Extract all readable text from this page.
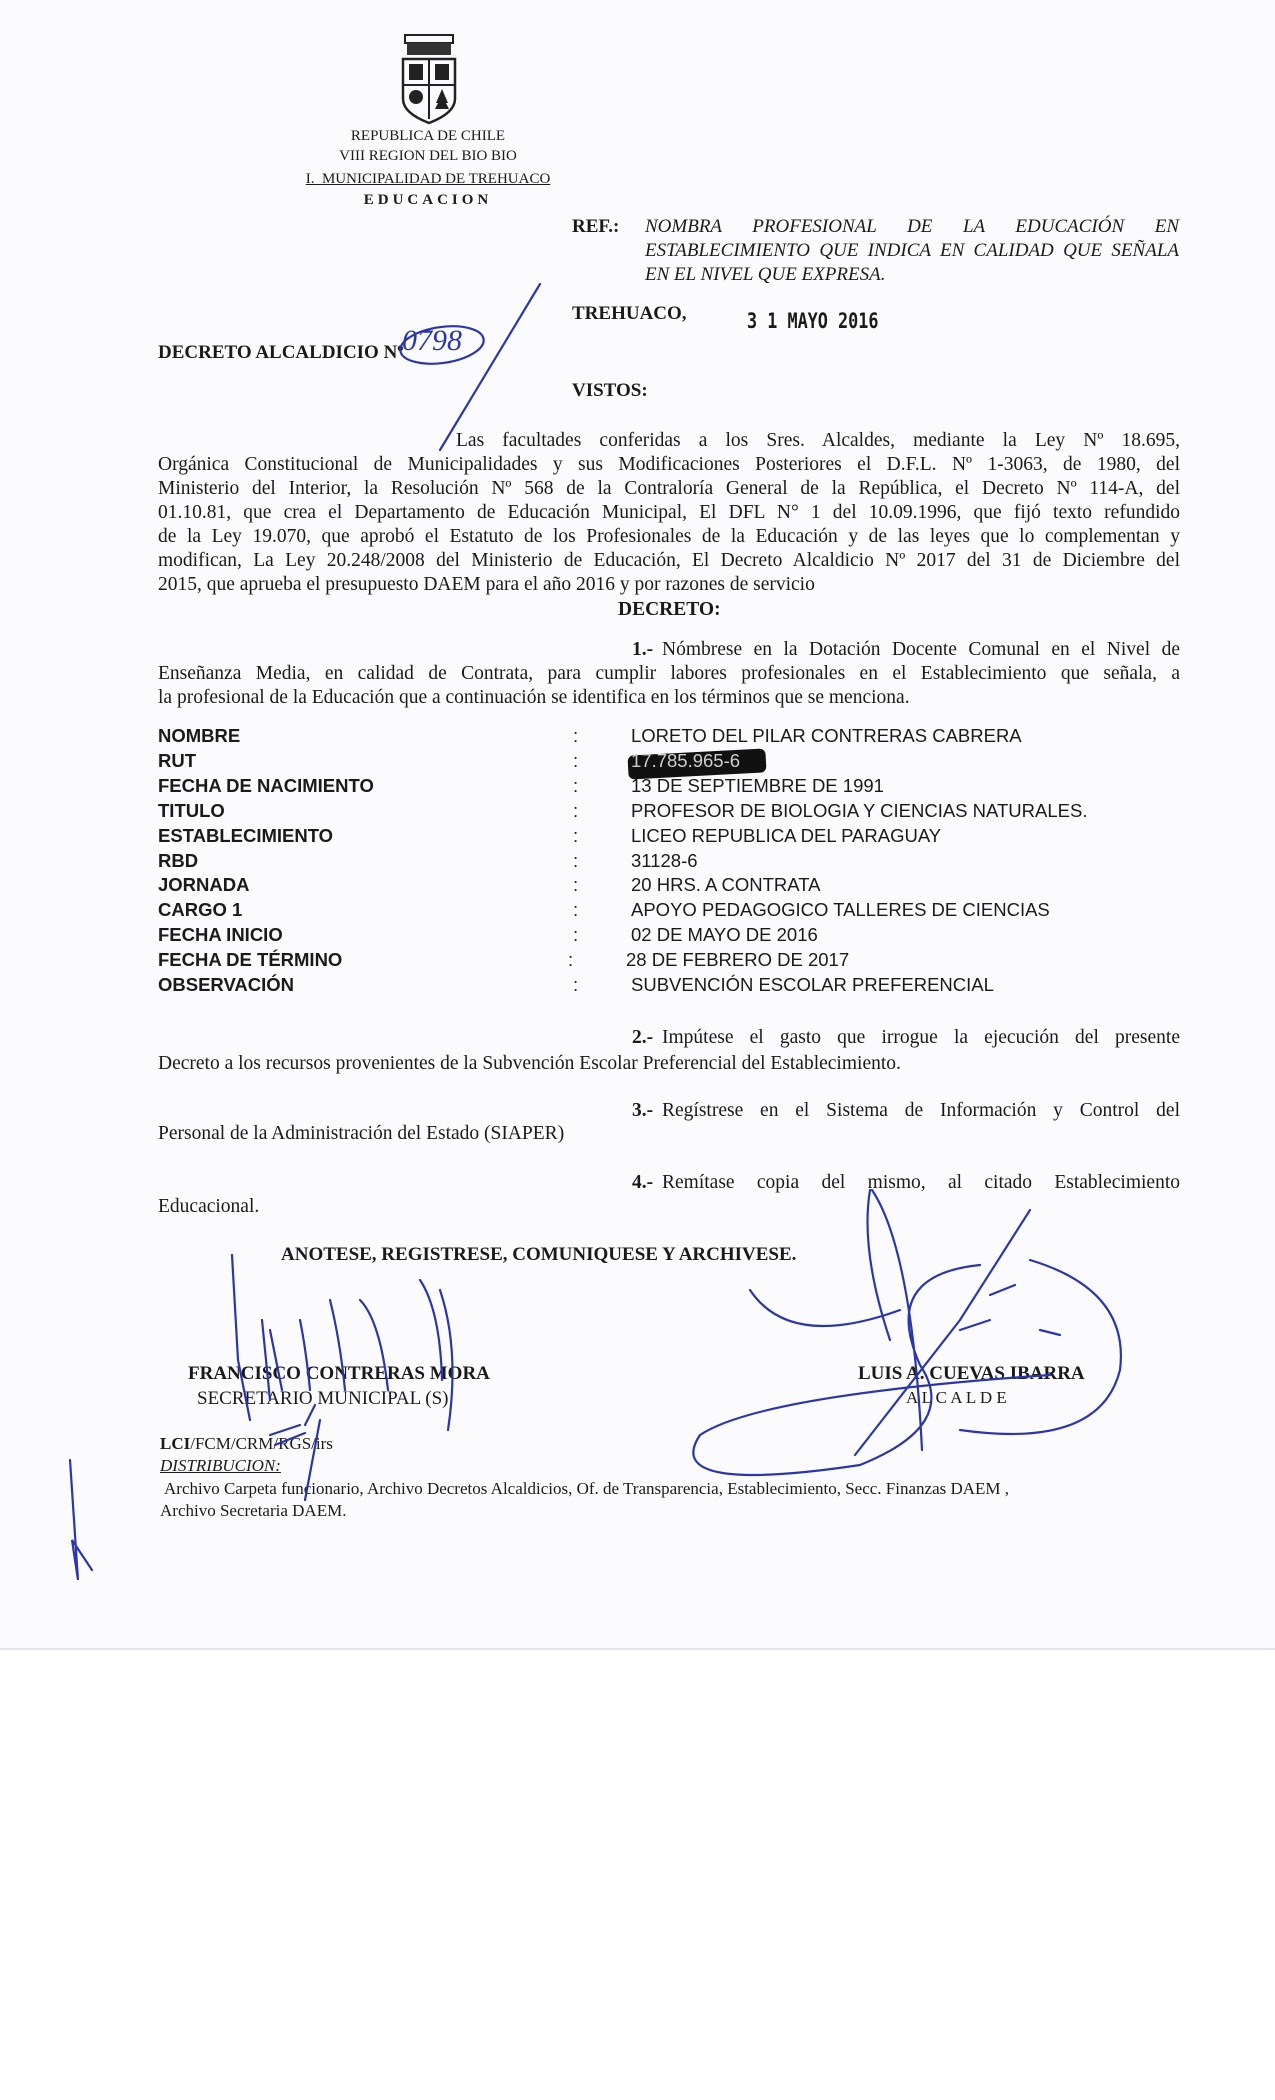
REPUBLICA DE CHILE
VIII REGION DEL BIO BIO
I. MUNICIPALIDAD DE TREHUACO
EDUCACION
REF.: NOMBRA PROFESIONAL DE LA EDUCACIÓN EN
ESTABLECIMIENTO QUE INDICA EN CALIDAD QUE SEÑALA
EN EL NIVEL QUE EXPRESA.
TREHUACO,	3 1 MAYO 2016
DECRETO ALCALDICIO Nº
0798
VISTOS:
Las facultades conferidas a los Sres. Alcaldes, mediante la Ley Nº 18.695,
Orgánica Constitucional de Municipalidades y sus Modificaciones Posteriores el D.F.L. Nº 1-3063, de 1980, del
Ministerio del Interior, la Resolución Nº 568 de la Contraloría General de la República, el Decreto Nº 114-A, del
01.10.81, que crea el Departamento de Educación Municipal, El DFL N° 1 del 10.09.1996, que fijó texto refundido
de la Ley 19.070, que aprobó el Estatuto de los Profesionales de la Educación y de las leyes que lo complementan y
modifican, La Ley 20.248/2008 del Ministerio de Educación, El Decreto Alcaldicio Nº 2017 del 31 de Diciembre del
2015, que aprueba el presupuesto DAEM para el año 2016 y por razones de servicio
DECRETO:
1.- Nómbrese en la Dotación Docente Comunal en el Nivel de
Enseñanza Media, en calidad de Contrata, para cumplir labores profesionales en el Establecimiento que señala, a
la profesional de la Educación que a continuación se identifica en los términos que se menciona.
NOMBRE	:	LORETO DEL PILAR CONTRERAS CABRERA
RUT	:	17.785.965-6
FECHA DE NACIMIENTO	:	13 DE SEPTIEMBRE DE 1991
TITULO	:	PROFESOR DE BIOLOGIA Y CIENCIAS NATURALES.
ESTABLECIMIENTO	:	LICEO REPUBLICA DEL PARAGUAY
RBD	:	31128-6
JORNADA	:	20 HRS. A CONTRATA
CARGO 1	:	APOYO PEDAGOGICO TALLERES DE CIENCIAS
FECHA INICIO	:	02 DE MAYO DE 2016
FECHA DE TÉRMINO	:	28 DE FEBRERO DE 2017
OBSERVACIÓN	:	SUBVENCIÓN ESCOLAR PREFERENCIAL
2.- Impútese el gasto que irrogue la ejecución del presente
Decreto a los recursos provenientes de la Subvención Escolar Preferencial del Establecimiento.
3.- Regístrese en el Sistema de Información y Control del
Personal de la Administración del Estado (SIAPER)
4.- Remítase copia del mismo, al citado Establecimiento
Educacional.
ANOTESE, REGISTRESE, COMUNIQUESE Y ARCHIVESE.
FRANCISCO CONTRERAS MORA
SECRETARIO MUNICIPAL (S)
LUIS A. CUEVAS IBARRA
A L C A L D E
LCI/FCM/CRM/RGS/irs
DISTRIBUCION:
Archivo Carpeta funcionario, Archivo Decretos Alcaldicios, Of. de Transparencia, Establecimiento, Secc. Finanzas DAEM ,
Archivo Secretaria DAEM.
